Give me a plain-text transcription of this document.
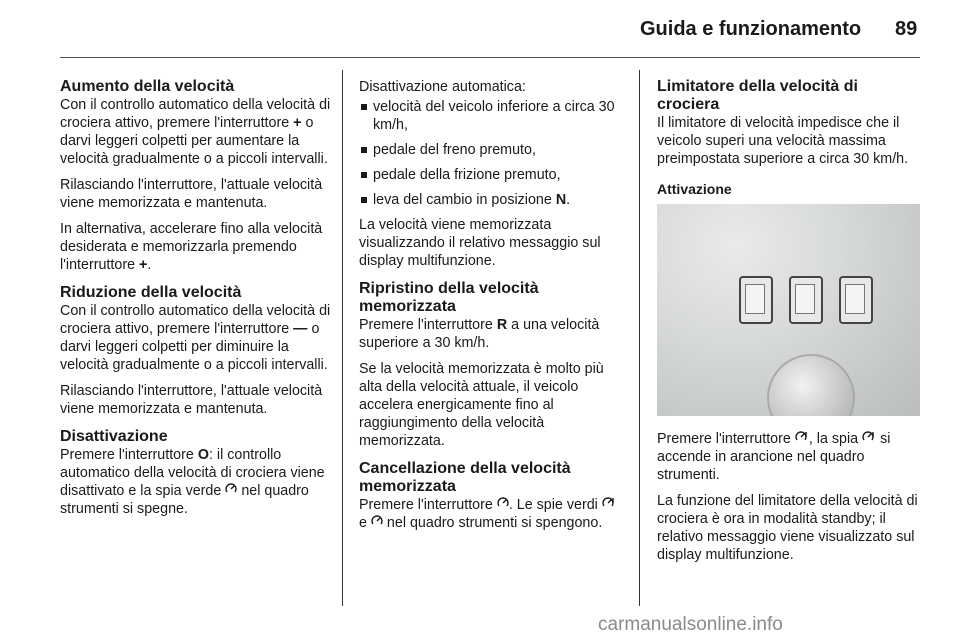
Guida e funzionamento 89
Aumento della velocità

Con il controllo automatico della velocità di crociera attivo, premere l'interruttore + o darvi leggeri colpetti per aumentare la velocità gradualmente o a piccoli intervalli.

Rilasciando l'interruttore, l'attuale velocità viene memorizzata e mantenuta.

In alternativa, accelerare fino alla velocità desiderata e memorizzarla premendo l'interruttore +.

Riduzione della velocità

Con il controllo automatico della velocità di crociera attivo, premere l'interruttore — o darvi leggeri colpetti per diminuire la velocità gradualmente o a piccoli intervalli.

Rilasciando l'interruttore, l'attuale velocità viene memorizzata e mantenuta.

Disattivazione

Premere l'interruttore O: il controllo automatico della velocità di crociera viene disattivato e la spia verde nel quadro strumenti si spegne.

Disattivazione automatica:

velocità del veicolo inferiore a circa 30 km/h,
pedale del freno premuto,
pedale della frizione premuto,
leva del cambio in posizione N.

La velocità viene memorizzata visualizzando il relativo messaggio sul display multifunzione.

Ripristino della velocità memorizzata

Premere l'interruttore R a una velocità superiore a 30 km/h.

Se la velocità memorizzata è molto più alta della velocità attuale, il veicolo accelera energicamente fino al raggiungimento della velocità memorizzata.

Cancellazione della velocità memorizzata

Premere l'interruttore . Le spie verdi  e nel quadro strumenti si spengono.

Limitatore della velocità di crociera

Il limitatore di velocità impedisce che il veicolo superi una velocità massima preimpostata superiore a circa 30 km/h.

Attivazione

Premere l'interruttore , la spia si accende in arancione nel quadro strumenti.

La funzione del limitatore della velocità di crociera è ora in modalità standby; il relativo messaggio viene visualizzato sul display multifunzione.

carmanualsonline.info
